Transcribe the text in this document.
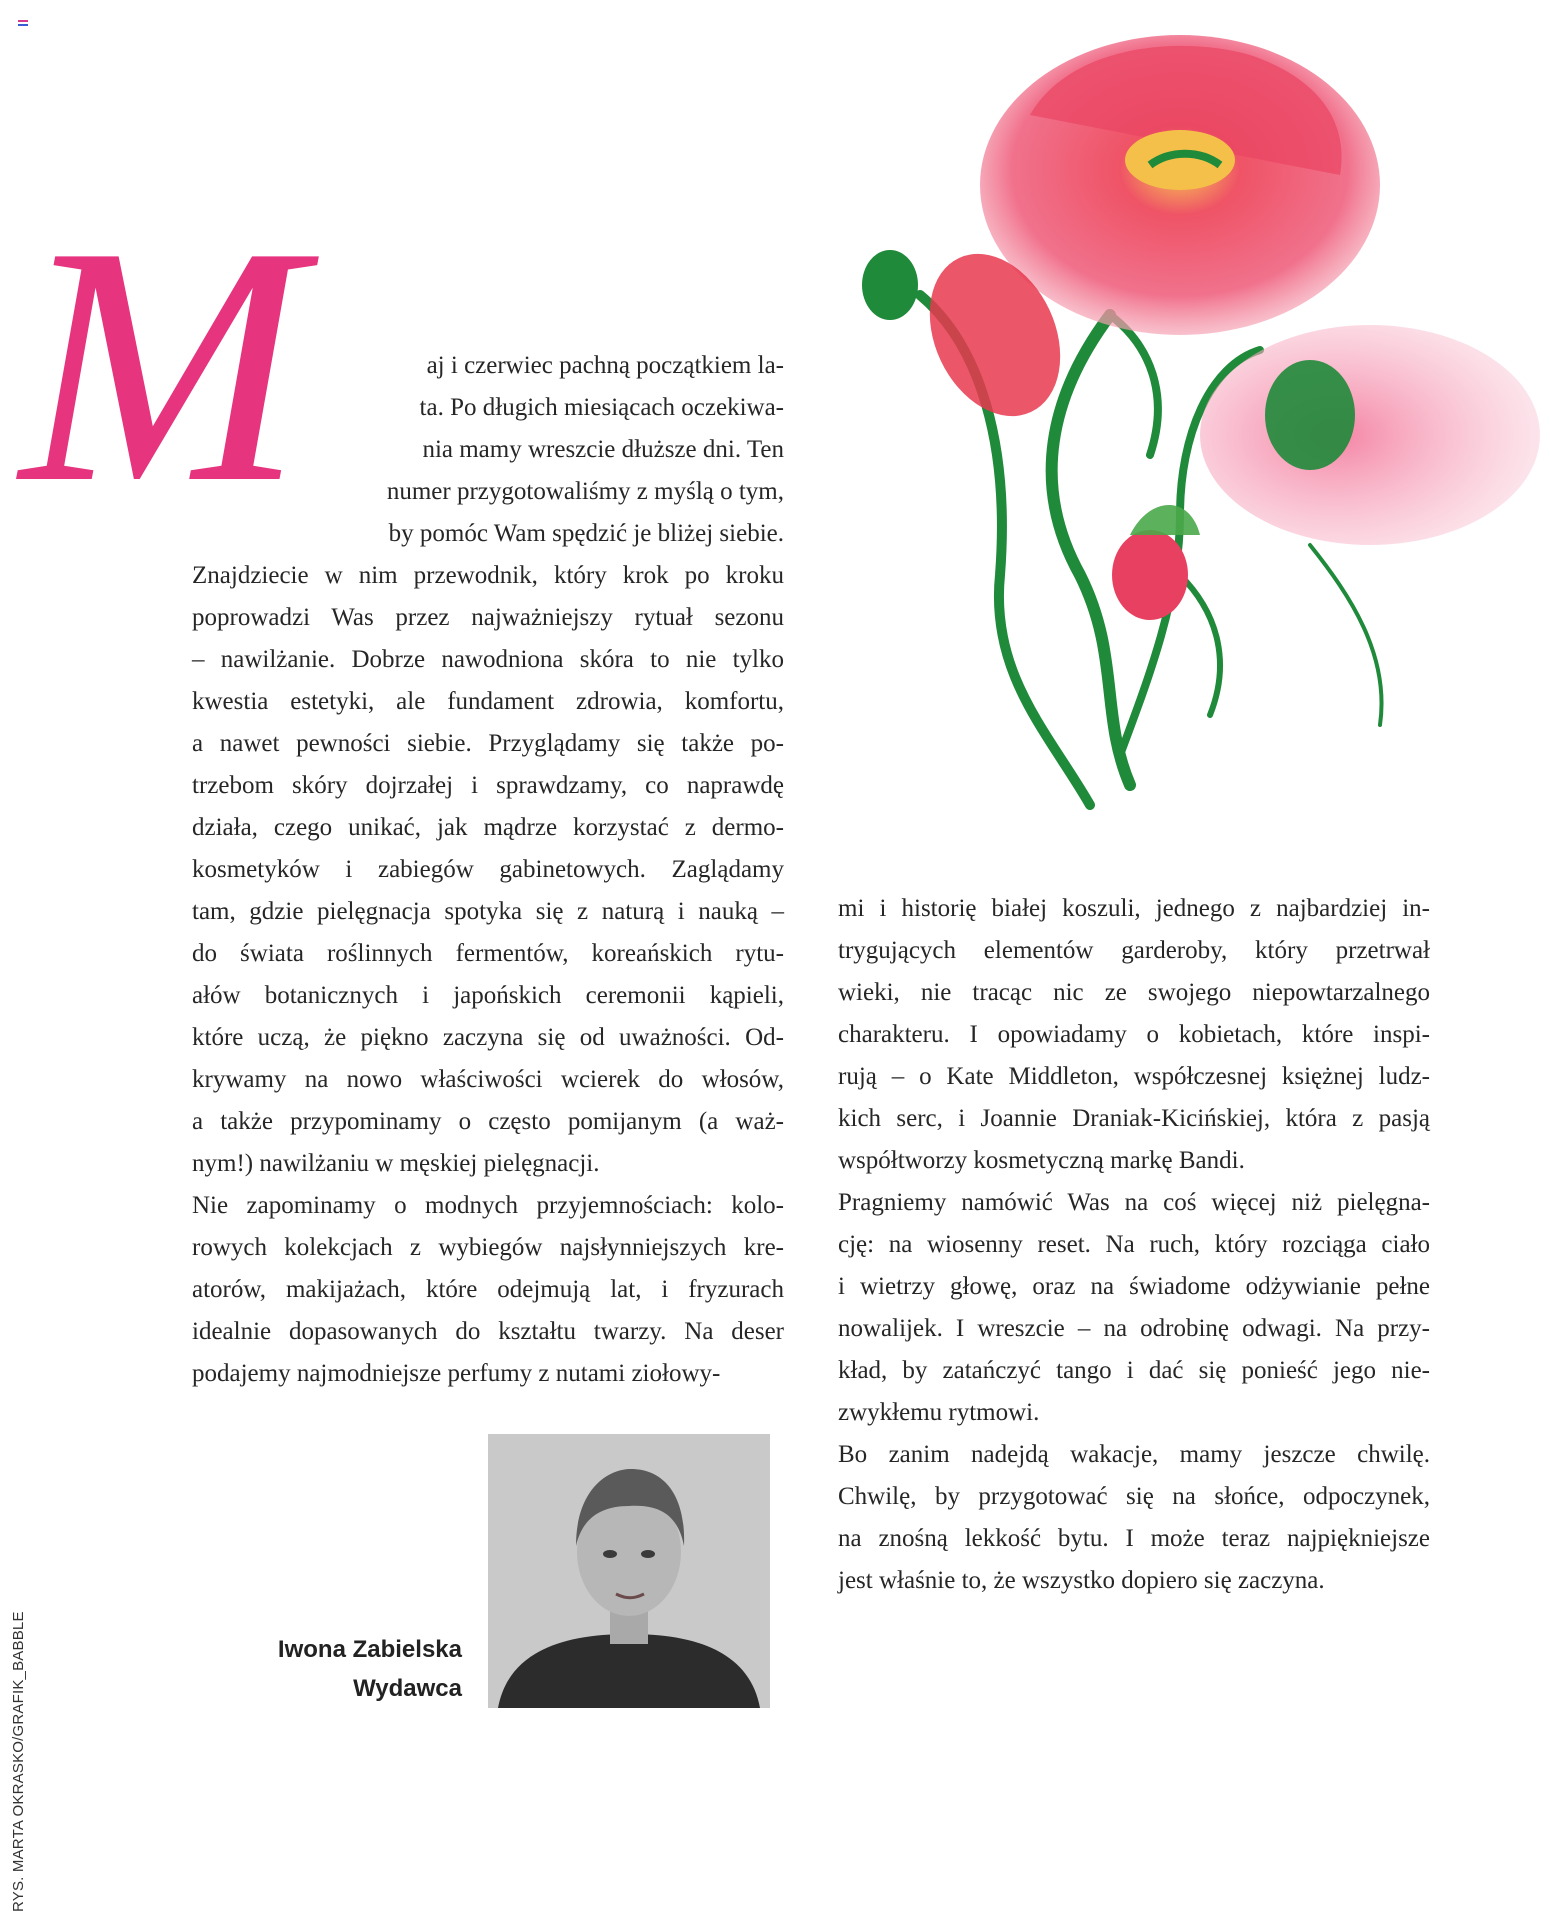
M	aj i czerwiec pachną początkiem la-
ta. Po długich miesiącach oczekiwa-
nia mamy wreszcie dłuższe dni. Ten
numer przygotowaliśmy z myślą o tym,
by pomóc Wam spędzić je bliżej siebie.
Znajdziecie w nim przewodnik, który krok po kroku
poprowadzi Was przez najważniejszy rytuał sezonu
– nawilżanie. Dobrze nawodniona skóra to nie tylko
kwestia estetyki, ale fundament zdrowia, komfortu,
a nawet pewności siebie. Przyglądamy się także po-
trzebom skóry dojrzałej i sprawdzamy, co naprawdę
działa, czego unikać, jak mądrze korzystać z dermo-
kosmetyków i zabiegów gabinetowych. Zaglądamy
tam, gdzie pielęgnacja spotyka się z naturą i nauką –
do świata roślinnych fermentów, koreańskich rytu-
ałów botanicznych i japońskich ceremonii kąpieli,
które uczą, że piękno zaczyna się od uważności. Od-
krywamy na nowo właściwości wcierek do włosów,
a także przypominamy o często pomijanym (a waż-
nym!) nawilżaniu w męskiej pielęgnacji.
Nie zapominamy o modnych przyjemnościach: kolo-
rowych kolekcjach z wybiegów najsłynniejszych kre-
atorów, makijażach, które odejmują lat, i fryzurach
idealnie dopasowanych do kształtu twarzy. Na deser
podajemy najmodniejsze perfumy z nutami ziołowy-
mi i historię białej koszuli, jednego z najbardziej in-
trygujących elementów garderoby, który przetrwał
wieki, nie tracąc nic ze swojego niepowtarzalnego
charakteru. I opowiadamy o kobietach, które inspi-
rują – o Kate Middleton, współczesnej księżnej ludz-
kich serc, i Joannie Draniak-Kicińskiej, która z pasją
współtworzy kosmetyczną markę Bandi.
Pragniemy namówić Was na coś więcej niż pielęgna-
cję: na wiosenny reset. Na ruch, który rozciąga ciało
i wietrzy głowę, oraz na świadome odżywianie pełne
nowalijek. I wreszcie – na odrobinę odwagi. Na przy-
kład, by zatańczyć tango i dać się ponieść jego nie-
zwykłemu rytmowi.
Bo zanim nadejdą wakacje, mamy jeszcze chwilę.
Chwilę, by przygotować się na słońce, odpoczynek,
na znośną lekkość bytu. I może teraz najpiękniejsze
jest właśnie to, że wszystko dopiero się zaczyna.
Iwona Zabielska
Wydawca
RYS. MARTA OKRASKO/GRAFIK_BABBLE
